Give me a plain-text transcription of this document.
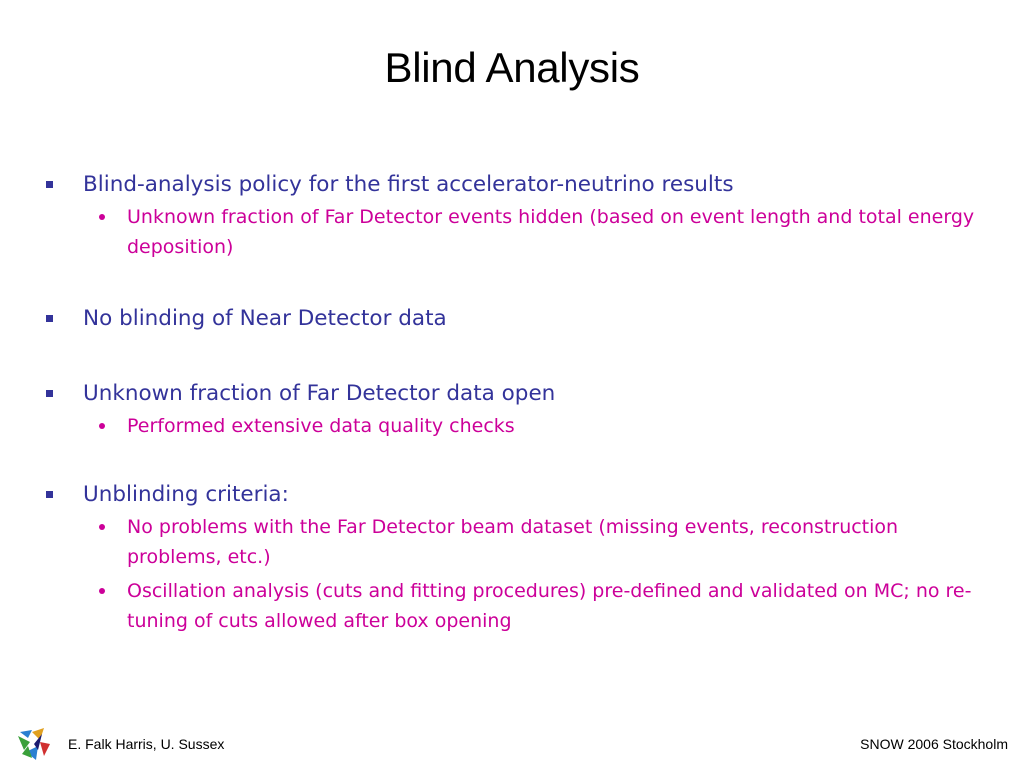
Blind Analysis
Blind-analysis policy for the first accelerator-neutrino results
Unknown fraction of Far Detector events hidden (based on event length and total energy deposition)
No blinding of Near Detector data
Unknown fraction of Far Detector data open
Performed extensive data quality checks
Unblinding criteria:
No problems with the Far Detector beam dataset (missing events, reconstruction problems, etc.)
Oscillation analysis (cuts and fitting procedures) pre-defined and validated on MC; no re-tuning of cuts allowed after box opening
E. Falk Harris, U. Sussex	SNOW 2006 Stockholm
